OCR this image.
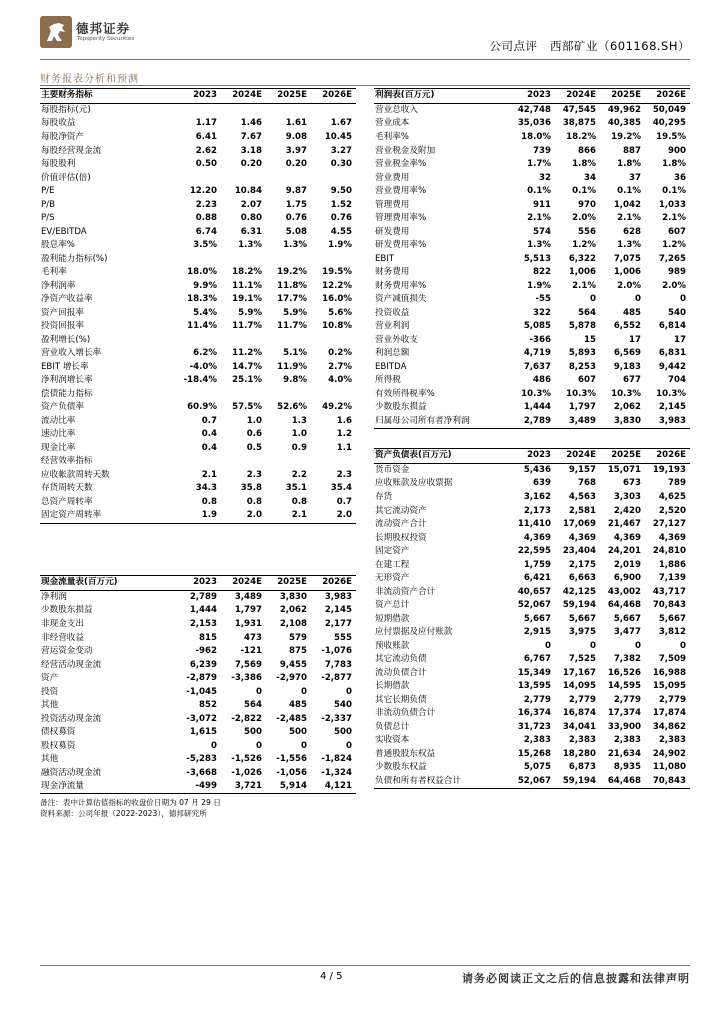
德邦证券
Topsperity Securities	公司点评 西部矿业（601168.SH）
财务报表分析和预测
主要财务指标	2023	2024E	2025E	2026E
每股指标(元)				
每股收益	1.17	1.46	1.61	1.67
每股净资产	6.41	7.67	9.08	10.45
每股经营现金流	2.62	3.18	3.97	3.27
每股股利	0.50	0.20	0.20	0.30
价值评估(倍)				
P/E	12.20	10.84	9.87	9.50
P/B	2.23	2.07	1.75	1.52
P/S	0.88	0.80	0.76	0.76
EV/EBITDA	6.74	6.31	5.08	4.55
股息率%	3.5%	1.3%	1.3%	1.9%
盈利能力指标(%)				
毛利率	18.0%	18.2%	19.2%	19.5%
净利润率	9.9%	11.1%	11.8%	12.2%
净资产收益率	18.3%	19.1%	17.7%	16.0%
资产回报率	5.4%	5.9%	5.9%	5.6%
投资回报率	11.4%	11.7%	11.7%	10.8%
盈利增长(%)				
营业收入增长率	6.2%	11.2%	5.1%	0.2%
EBIT 增长率	-4.0%	14.7%	11.9%	2.7%
净利润增长率	-18.4%	25.1%	9.8%	4.0%
偿债能力指标				
资产负债率	60.9%	57.5%	52.6%	49.2%
流动比率	0.7	1.0	1.3	1.6
速动比率	0.4	0.6	1.0	1.2
现金比率	0.4	0.5	0.9	1.1
经营效率指标				
应收帐款周转天数	2.1	2.3	2.2	2.3
存货周转天数	34.3	35.8	35.1	35.4
总资产周转率	0.8	0.8	0.8	0.7
固定资产周转率	1.9	2.0	2.1	2.0
利润表(百万元)	2023	2024E	2025E	2026E
营业总收入	42,748	47,545	49,962	50,049
营业成本	35,036	38,875	40,385	40,295
毛利率%	18.0%	18.2%	19.2%	19.5%
营业税金及附加	739	866	887	900
营业税金率%	1.7%	1.8%	1.8%	1.8%
营业费用	32	34	37	36
营业费用率%	0.1%	0.1%	0.1%	0.1%
管理费用	911	970	1,042	1,033
管理费用率%	2.1%	2.0%	2.1%	2.1%
研发费用	574	556	628	607
研发费用率%	1.3%	1.2%	1.3%	1.2%
EBIT	5,513	6,322	7,075	7,265
财务费用	822	1,006	1,006	989
财务费用率%	1.9%	2.1%	2.0%	2.0%
资产减值损失	-55	0	0	0
投资收益	322	564	485	540
营业利润	5,085	5,878	6,552	6,814
营业外收支	-366	15	17	17
利润总额	4,719	5,893	6,569	6,831
EBITDA	7,637	8,253	9,183	9,442
所得税	486	607	677	704
有效所得税率%	10.3%	10.3%	10.3%	10.3%
少数股东损益	1,444	1,797	2,062	2,145
归属母公司所有者净利润	2,789	3,489	3,830	3,983
资产负债表(百万元)	2023	2024E	2025E	2026E
货币资金	5,436	9,157	15,071	19,193
应收账款及应收票据	639	768	673	789
存货	3,162	4,563	3,303	4,625
其它流动资产	2,173	2,581	2,420	2,520
流动资产合计	11,410	17,069	21,467	27,127
长期股权投资	4,369	4,369	4,369	4,369
固定资产	22,595	23,404	24,201	24,810
在建工程	1,759	2,175	2,019	1,886
无形资产	6,421	6,663	6,900	7,139
非流动资产合计	40,657	42,125	43,002	43,717
资产总计	52,067	59,194	64,468	70,843
短期借款	5,667	5,667	5,667	5,667
应付票据及应付账款	2,915	3,975	3,477	3,812
预收账款	0	0	0	0
其它流动负债	6,767	7,525	7,382	7,509
流动负债合计	15,349	17,167	16,526	16,988
长期借款	13,595	14,095	14,595	15,095
其它长期负债	2,779	2,779	2,779	2,779
非流动负债合计	16,374	16,874	17,374	17,874
负债总计	31,723	34,041	33,900	34,862
实收资本	2,383	2,383	2,383	2,383
普通股股东权益	15,268	18,280	21,634	24,902
少数股东权益	5,075	6,873	8,935	11,080
负债和所有者权益合计	52,067	59,194	64,468	70,843
现金流量表(百万元)	2023	2024E	2025E	2026E
净利润	2,789	3,489	3,830	3,983
少数股东损益	1,444	1,797	2,062	2,145
非现金支出	2,153	1,931	2,108	2,177
非经营收益	815	473	579	555
营运资金变动	-962	-121	875	-1,076
经营活动现金流	6,239	7,569	9,455	7,783
资产	-2,879	-3,386	-2,970	-2,877
投资	-1,045	0	0	0
其他	852	564	485	540
投资活动现金流	-3,072	-2,822	-2,485	-2,337
债权募资	1,615	500	500	500
股权募资	0	0	0	0
其他	-5,283	-1,526	-1,556	-1,824
融资活动现金流	-3,668	-1,026	-1,056	-1,324
现金净流量	-499	3,721	5,914	4,121
备注：表中计算估值指标的收盘价日期为 07 月 29 日
资料来源：公司年报（2022-2023），德邦研究所
4 / 5	请务必阅读正文之后的信息披露和法律声明
